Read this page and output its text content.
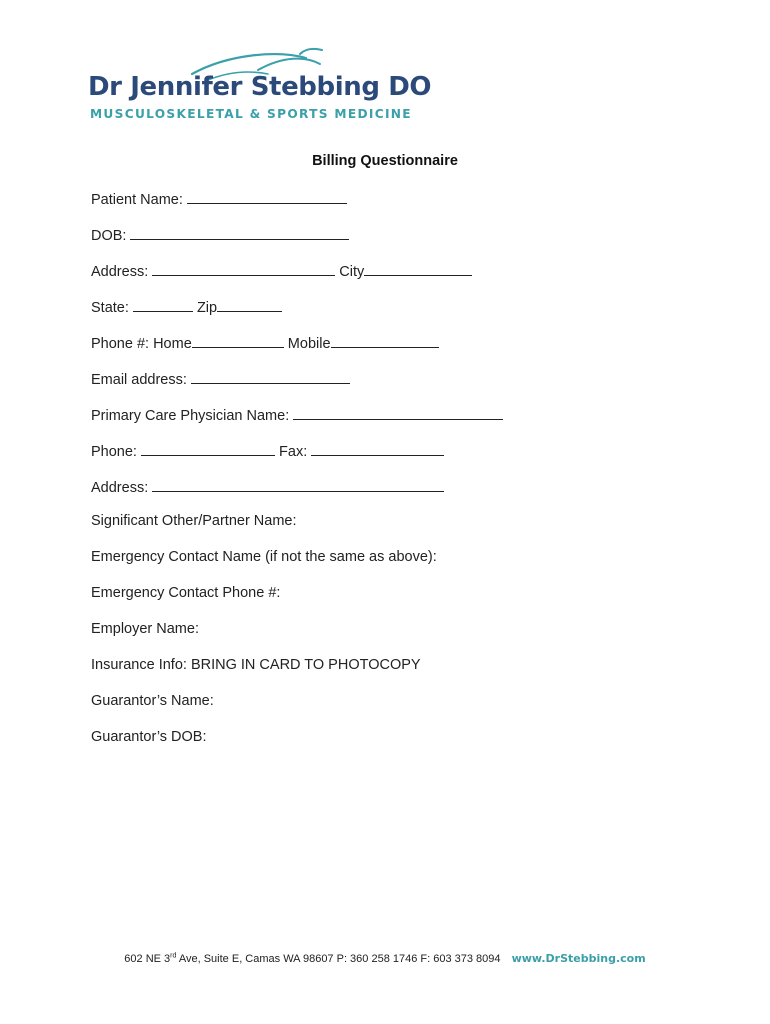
Dr Jennifer Stebbing DO
MUSCULOSKELETAL & SPORTS MEDICINE
Billing Questionnaire
Patient Name:
DOB:
Address:	City
State:	Zip
Phone #: Home	Mobile
Email address:
Primary Care Physician Name:
Phone:	Fax:
Address:
Significant Other/Partner Name:
Emergency Contact Name (if not the same as above):
Emergency Contact Phone #:
Employer Name:
Insurance Info: BRING IN CARD TO PHOTOCOPY
Guarantor’s Name:
Guarantor’s DOB:
602 NE 3rd Ave, Suite E, Camas WA 98607 P: 360 258 1746 F: 603 373 8094 www.DrStebbing.com
